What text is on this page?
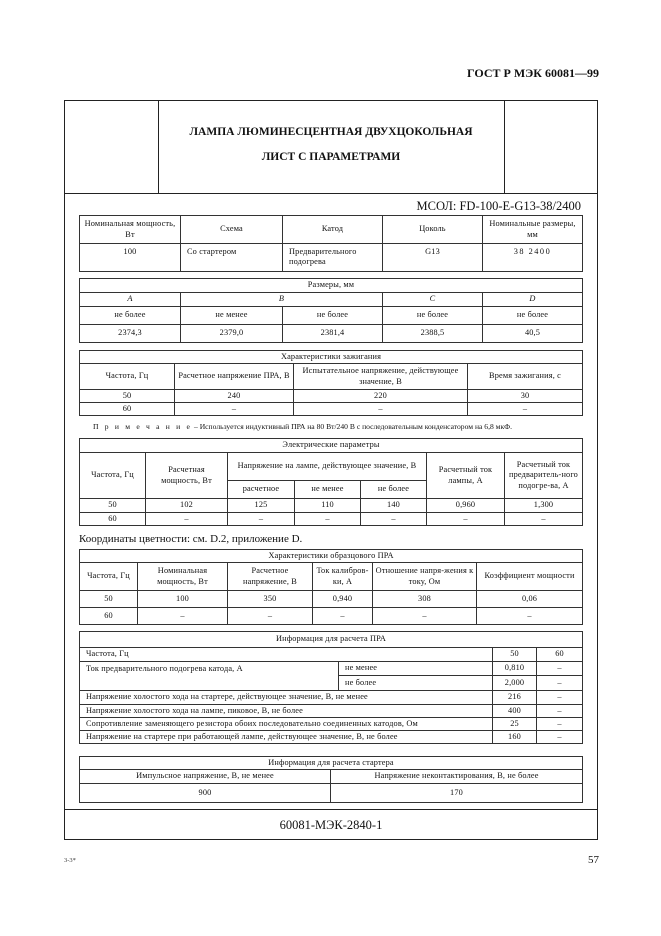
ГОСТ Р МЭК 60081—99
ЛАМПА ЛЮМИНЕСЦЕНТНАЯ ДВУХЦОКОЛЬНАЯ
ЛИСТ С ПАРАМЕТРАМИ
МСОЛ: FD-100-E-G13-38/2400
Номинальная мощность, Вт	Схема	Катод	Цоколь	Номинальные размеры, мм
100	Со стартером	Предварительного подогрева	G13	38 2400
Размеры, мм				
A	B		C	D
не более	не менее	не более	не более	не более
2374,3	2379,0	2381,4	2388,5	40,5
Характеристики зажигания			
Частота, Гц	Расчетное напряжение ПРА, В	Испытательное напряжение, действующее значение, В	Время зажигания, с
50	240	220	30
60	–	–	–
П р и м е ч а н и е – Используется индуктивный ПРА на 80 Вт/240 В с последовательным конденсатором на 6,8 мкФ.
Электрические параметры						
Частота, Гц	Расчетная мощность, Вт	Напряжение на лампе, действующее значение, В			Расчетный ток лампы, А	Расчетный ток предваритель-ного подогре-ва, А
		расчетное	не менее	не более		
50	102	125	110	140	0,960	1,300
60	–	–	–	–	–	–
Координаты цветности: см. D.2, приложение D.
Характеристики образцового ПРА					
Частота, Гц	Номинальная мощность, Вт	Расчетное напряжение, В	Ток калибров-ки, А	Отношение напря-жения к току, Ом	Коэффициент мощности
50	100	350	0,940	308	0,06
60	–	–	–	–	–
Информация для расчета ПРА			
Частота, Гц		50	60
Ток предварительного подогрева катода, А	не менее	0,810	–
	не более	2,000	–
Напряжение холостого хода на стартере, действующее значение, В, не менее		216	–
Напряжение холостого хода на лампе, пиковое, В, не более		400	–
Сопротивление заменяющего резистора обоих последовательно соединенных катодов, Ом		25	–
Напряжение на стартере при работающей лампе, действующее значение, В, не более		160	–
Информация для расчета стартера	
Импульсное напряжение, В, не менее	Напряжение неконтактирования, В, не более
900	170
60081-МЭК-2840-1
3-3*	57
